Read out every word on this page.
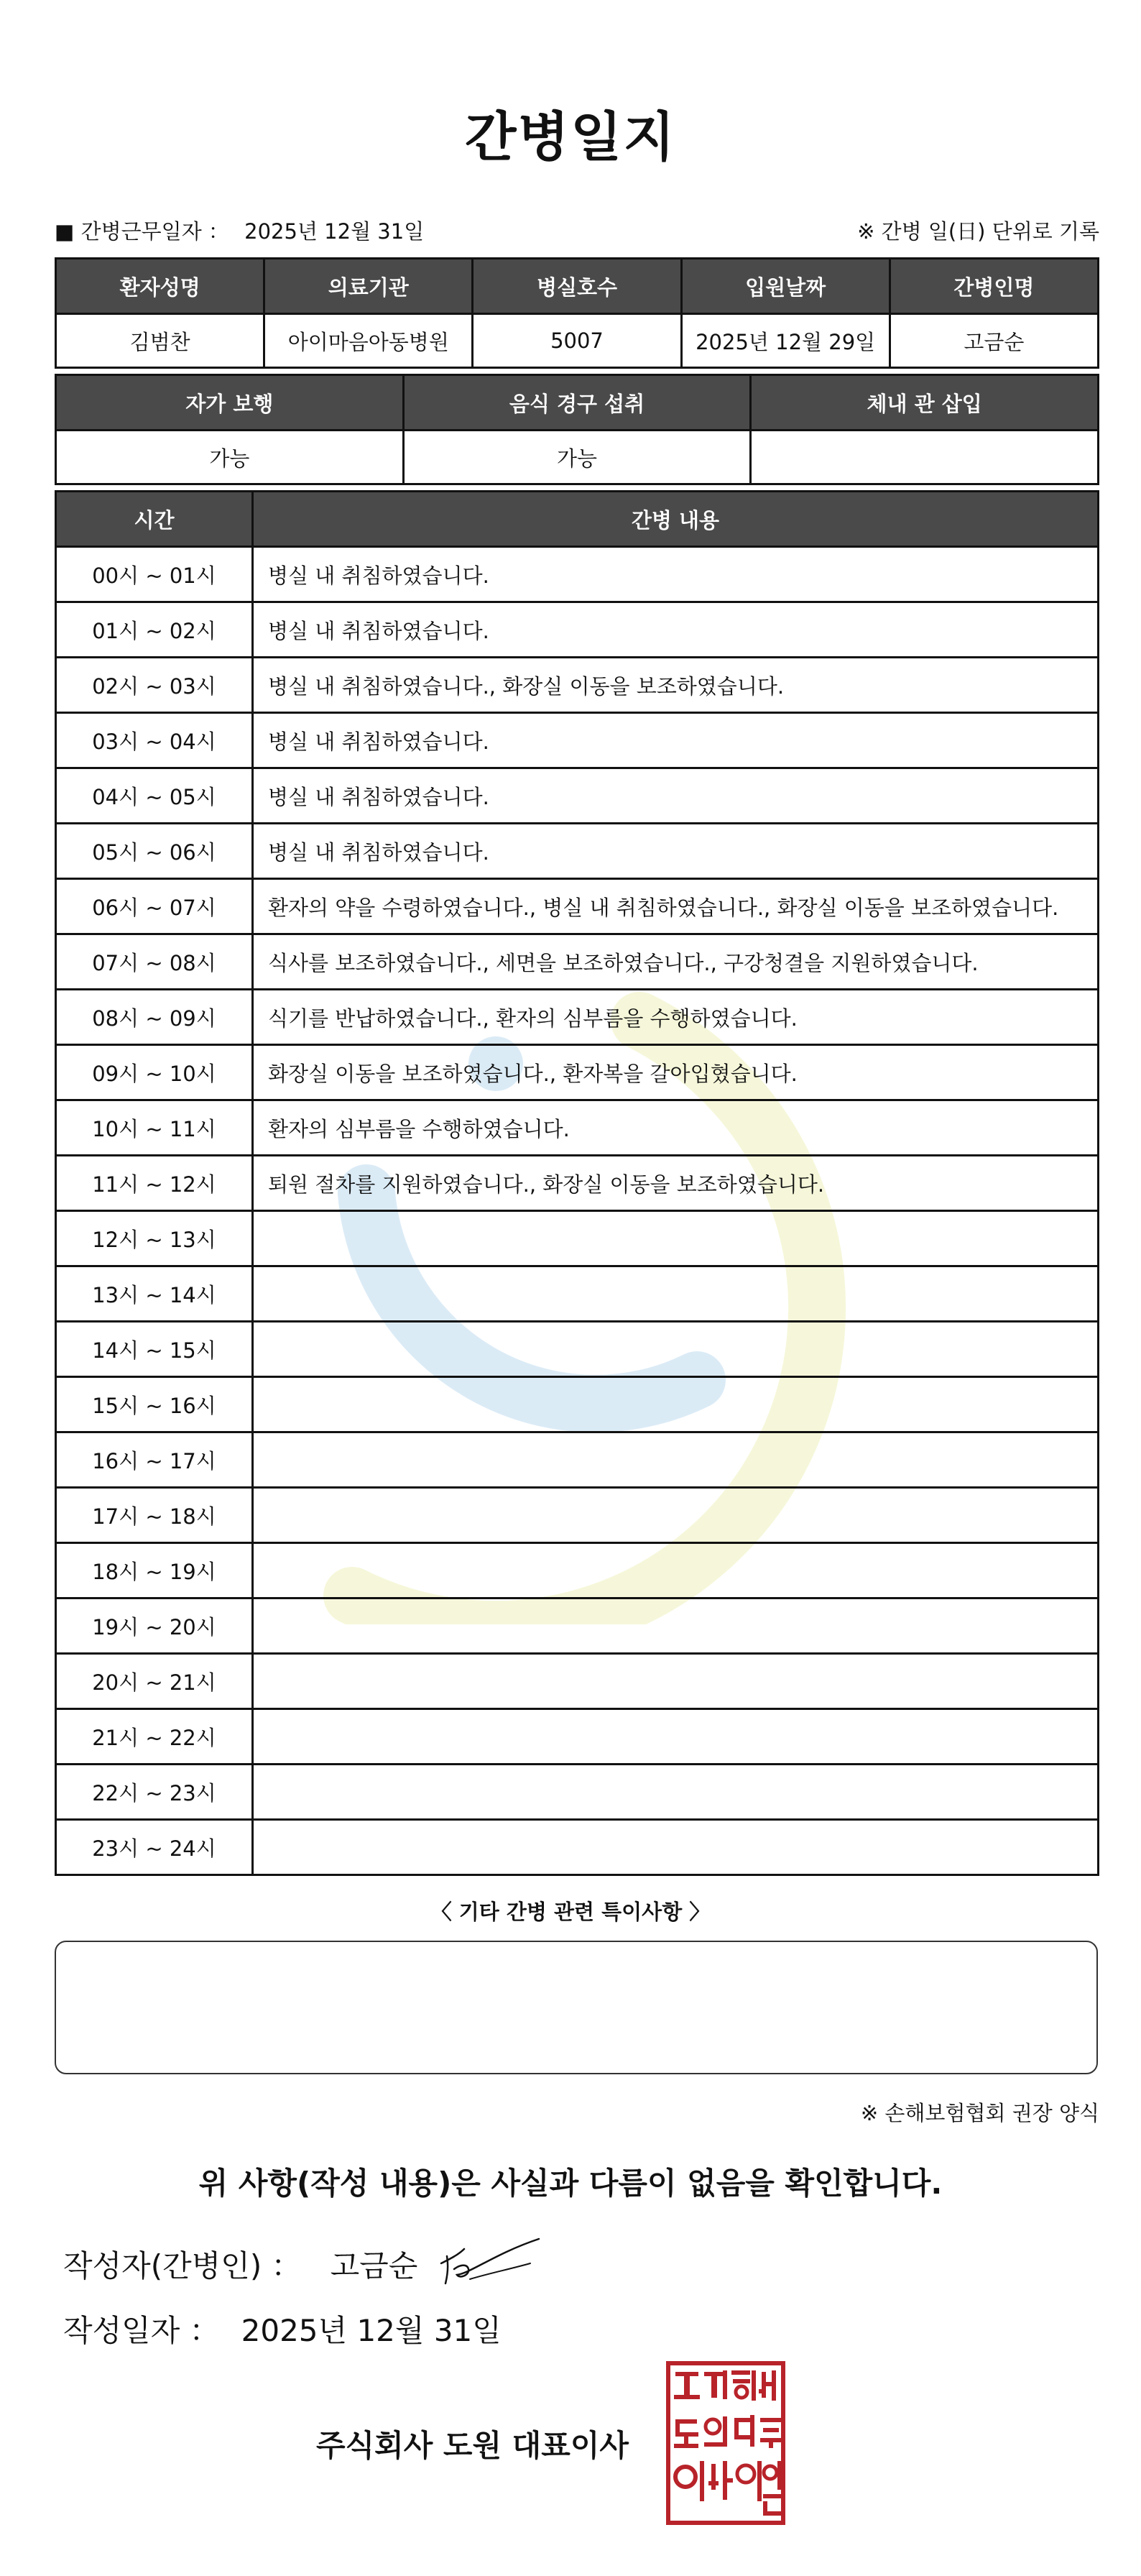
간병일지
■ 간병근무일자 ： 2025년 12월 31일	※ 간병 일(日) 단위로 기록
환자성명	의료기관	병실호수	입원날짜	간병인명
김범찬	아이마음아동병원	5007	2025년 12월 29일	고금순
자가 보행	음식 경구 섭취	체내 관 삽입
가능	가능	
시간	간병 내용
00시 ~ 01시	병실 내 취침하였습니다.
01시 ~ 02시	병실 내 취침하였습니다.
02시 ~ 03시	병실 내 취침하였습니다., 화장실 이동을 보조하였습니다.
03시 ~ 04시	병실 내 취침하였습니다.
04시 ~ 05시	병실 내 취침하였습니다.
05시 ~ 06시	병실 내 취침하였습니다.
06시 ~ 07시	환자의 약을 수령하였습니다., 병실 내 취침하였습니다., 화장실 이동을 보조하였습니다.
07시 ~ 08시	식사를 보조하였습니다., 세면을 보조하였습니다., 구강청결을 지원하였습니다.
08시 ~ 09시	식기를 반납하였습니다., 환자의 심부름을 수행하였습니다.
09시 ~ 10시	화장실 이동을 보조하였습니다., 환자복을 갈아입혔습니다.
10시 ~ 11시	환자의 심부름을 수행하였습니다.
11시 ~ 12시	퇴원 절차를 지원하였습니다., 화장실 이동을 보조하였습니다.
12시 ~ 13시	
13시 ~ 14시	
14시 ~ 15시	
15시 ~ 16시	
16시 ~ 17시	
17시 ~ 18시	
18시 ~ 19시	
19시 ~ 20시	
20시 ~ 21시	
21시 ~ 22시	
22시 ~ 23시	
23시 ~ 24시	
〈 기타 간병 관련 특이사항 〉
※ 손해보험협회 권장 양식
위 사항(작성 내용)은 사실과 다름이 없음을 확인합니다.
작성자(간병인) ： 고금순
작성일자 ： 2025년 12월 31일
주식회사 도원 대표이사
